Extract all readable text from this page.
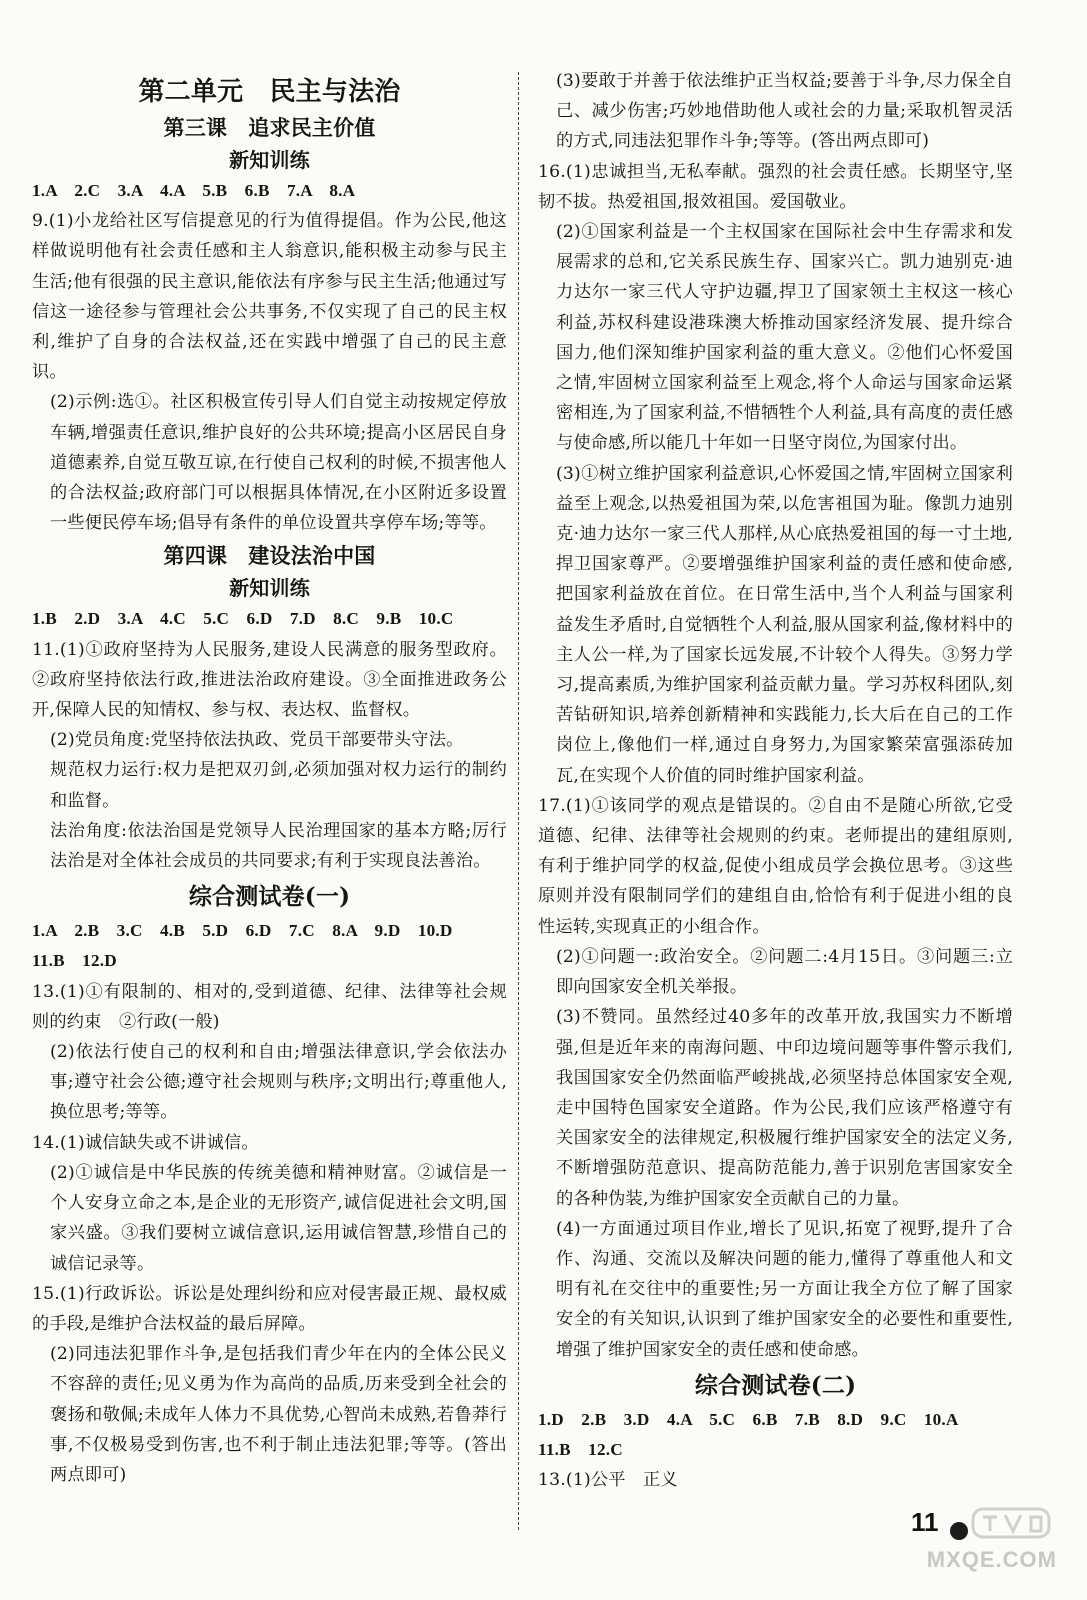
第二单元　民主与法治
第三课　追求民主价值
新知训练
1.A　2.C　3.A　4.A　5.B　6.B　7.A　8.A
9.(1)小龙给社区写信提意见的行为值得提倡。作为公民,他这样做说明他有社会责任感和主人翁意识,能积极主动参与民主生活;他有很强的民主意识,能依法有序参与民主生活;他通过写信这一途径参与管理社会公共事务,不仅实现了自己的民主权利,维护了自身的合法权益,还在实践中增强了自己的民主意识。
(2)示例:选①。社区积极宣传引导人们自觉主动按规定停放车辆,增强责任意识,维护良好的公共环境;提高小区居民自身道德素养,自觉互敬互谅,在行使自己权利的时候,不损害他人的合法权益;政府部门可以根据具体情况,在小区附近多设置一些便民停车场;倡导有条件的单位设置共享停车场;等等。
第四课　建设法治中国
新知训练
1.B　2.D　3.A　4.C　5.C　6.D　7.D　8.C　9.B　10.C
11.(1)①政府坚持为人民服务,建设人民满意的服务型政府。②政府坚持依法行政,推进法治政府建设。③全面推进政务公开,保障人民的知情权、参与权、表达权、监督权。
(2)党员角度:党坚持依法执政、党员干部要带头守法。
规范权力运行:权力是把双刃剑,必须加强对权力运行的制约和监督。
法治角度:依法治国是党领导人民治理国家的基本方略;厉行法治是对全体社会成员的共同要求;有利于实现良法善治。
综合测试卷(一)
1.A　2.B　3.C　4.B　5.D　6.D　7.C　8.A　9.D　10.D
11.B　12.D
13.(1)①有限制的、相对的,受到道德、纪律、法律等社会规则的约束　②行政(一般)
(2)依法行使自己的权利和自由;增强法律意识,学会依法办事;遵守社会公德;遵守社会规则与秩序;文明出行;尊重他人,换位思考;等等。
14.(1)诚信缺失或不讲诚信。
(2)①诚信是中华民族的传统美德和精神财富。②诚信是一个人安身立命之本,是企业的无形资产,诚信促进社会文明,国家兴盛。③我们要树立诚信意识,运用诚信智慧,珍惜自己的诚信记录等。
15.(1)行政诉讼。诉讼是处理纠纷和应对侵害最正规、最权威的手段,是维护合法权益的最后屏障。
(2)同违法犯罪作斗争,是包括我们青少年在内的全体公民义不容辞的责任;见义勇为作为高尚的品质,历来受到全社会的褒扬和敬佩;未成年人体力不具优势,心智尚未成熟,若鲁莽行事,不仅极易受到伤害,也不利于制止违法犯罪;等等。(答出两点即可)
(3)要敢于并善于依法维护正当权益;要善于斗争,尽力保全自己、减少伤害;巧妙地借助他人或社会的力量;采取机智灵活的方式,同违法犯罪作斗争;等等。(答出两点即可)
16.(1)忠诚担当,无私奉献。强烈的社会责任感。长期坚守,坚韧不拔。热爱祖国,报效祖国。爱国敬业。
(2)①国家利益是一个主权国家在国际社会中生存需求和发展需求的总和,它关系民族生存、国家兴亡。凯力迪别克·迪力达尔一家三代人守护边疆,捍卫了国家领土主权这一核心利益,苏权科建设港珠澳大桥推动国家经济发展、提升综合国力,他们深知维护国家利益的重大意义。②他们心怀爱国之情,牢固树立国家利益至上观念,将个人命运与国家命运紧密相连,为了国家利益,不惜牺牲个人利益,具有高度的责任感与使命感,所以能几十年如一日坚守岗位,为国家付出。
(3)①树立维护国家利益意识,心怀爱国之情,牢固树立国家利益至上观念,以热爱祖国为荣,以危害祖国为耻。像凯力迪别克·迪力达尔一家三代人那样,从心底热爱祖国的每一寸土地,捍卫国家尊严。②要增强维护国家利益的责任感和使命感,把国家利益放在首位。在日常生活中,当个人利益与国家利益发生矛盾时,自觉牺牲个人利益,服从国家利益,像材料中的主人公一样,为了国家长远发展,不计较个人得失。③努力学习,提高素质,为维护国家利益贡献力量。学习苏权科团队,刻苦钻研知识,培养创新精神和实践能力,长大后在自己的工作岗位上,像他们一样,通过自身努力,为国家繁荣富强添砖加瓦,在实现个人价值的同时维护国家利益。
17.(1)①该同学的观点是错误的。②自由不是随心所欲,它受道德、纪律、法律等社会规则的约束。老师提出的建组原则,有利于维护同学的权益,促使小组成员学会换位思考。③这些原则并没有限制同学们的建组自由,恰恰有利于促进小组的良性运转,实现真正的小组合作。
(2)①问题一:政治安全。②问题二:4月15日。③问题三:立即向国家安全机关举报。
(3)不赞同。虽然经过40多年的改革开放,我国实力不断增强,但是近年来的南海问题、中印边境问题等事件警示我们,我国国家安全仍然面临严峻挑战,必须坚持总体国家安全观,走中国特色国家安全道路。作为公民,我们应该严格遵守有关国家安全的法律规定,积极履行维护国家安全的法定义务,不断增强防范意识、提高防范能力,善于识别危害国家安全的各种伪装,为维护国家安全贡献自己的力量。
(4)一方面通过项目作业,增长了见识,拓宽了视野,提升了合作、沟通、交流以及解决问题的能力,懂得了尊重他人和文明有礼在交往中的重要性;另一方面让我全方位了解了国家安全的有关知识,认识到了维护国家安全的必要性和重要性,增强了维护国家安全的责任感和使命感。
综合测试卷(二)
1.D　2.B　3.D　4.A　5.C　6.B　7.B　8.D　9.C　10.A
11.B　12.C
13.(1)公平　正义
11
MXQE.COM
